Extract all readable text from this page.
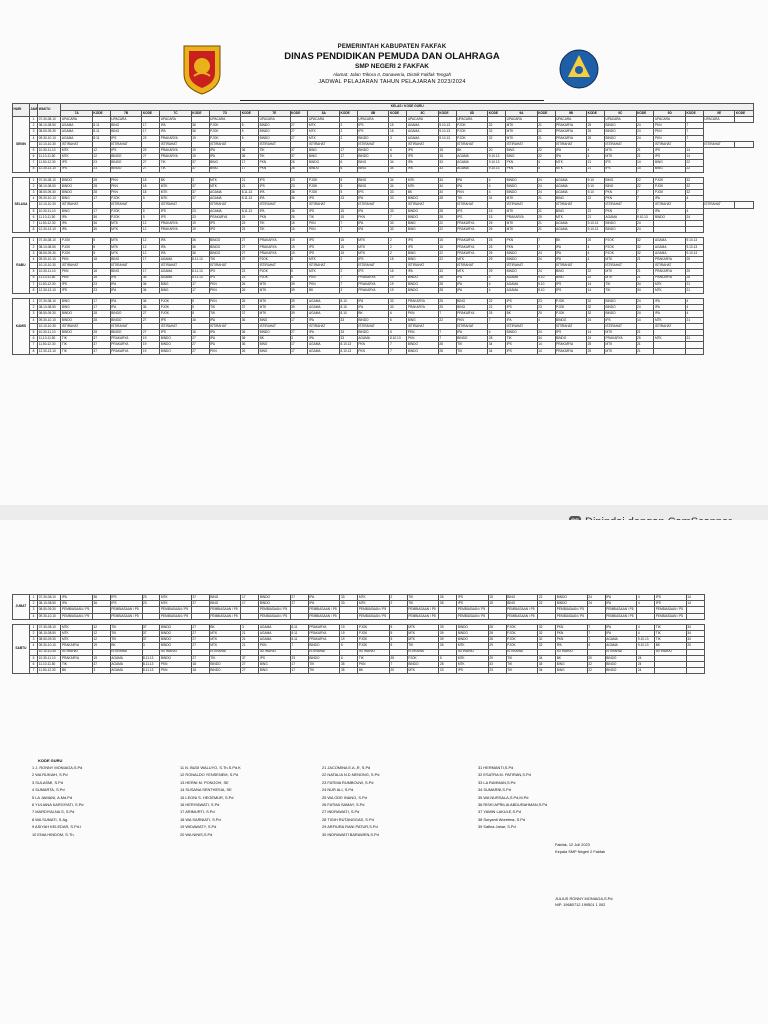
PEMERINTAH KABUPATEN FAKFAK
DINAS PENDIDIKAN PEMUDA DAN OLAHRAGA
SMP NEGERI 2 FAKFAK
Alamat: Jalan Trikora II, Danaweria, Distrik Fakfak Tengah
JADWAL PELAJARAN TAHUN PELAJARAN 2023/2024
HARI	JAM	WAKTU	KELAS / KODE GURU																											
			7A	KODE	7B	KODE	7C	KODE	7D	KODE	7E	KODE	8A	KODE	8B	KODE	8C	KODE	8D	KODE	9A	KODE	9B	KODE	9C	KODE	9D	KODE	9E	KODE
SENIN	1	07.30-08.10	UPACARA		UPACARA		UPACARA		UPACARA		UPACARA		UPACARA		UPACARA		UPACARA		UPACARA		UPACARA		UPACARA		UPACARA		UPACARA		UPACARA	
	2	08.10-08.50	AGAMA	8.11	BING	17	IPA	36	PJOK	5	BINDO	27	MTK	2	IPS	15	AGAMA	9.10.13	PJOK	32	MTK	21	PRAKARYA	25	BINDO	24	PKN	7		
	3	08.50-09.30	AGAMA	8.11	BING	17	IPA	36	PJOK	5	BINDO	27	MTK	2	IPS	15	AGAMA	9.10.13	PJOK	32	MTK	21	PRAKARYA	25	BINDO	24	PKN	7		
	4	09.30-10.10	AGAMA	8.11	IPS	23	PRAKARYA	19	PJOK	5	BINDO	27	MTK	2	BINDO	3	AGAMA	9.10.13	PJOK	32	MTK	21	PRAKARYA	25	BINDO	24	PKN	7		
		10.10-10.30	ISTIRAHAT		ISTIRAHAT		ISTIRAHAT		ISTIRAHAT		ISTIRAHAT		ISTIRAHAT		ISTIRAHAT		ISTIRAHAT		ISTIRAHAT		ISTIRAHAT		ISTIRAHAT		ISTIRAHAT		ISTIRAHAT		ISTIRAHAT	
	5	10.30-11.10	MTK	12	IPS	23	PRAKARYA	19	IPA	36	TIK	37	BING	17	BINDO	6	IPS	15	BK	20	BING	22	IPA	4	MTK	21	IPS	14		
	6	11.10-11.50	MTK	12	BINDO	27	PRAKARYA	19	IPA	36	TIK	37	BING	17	BINDO	6	IPS	15	AGAMA	9.10.13	BING	22	IPA	4	MTK	21	IPS	14		
	7	11.50-12.30	IPS	23	BINDO	27	TIK	37	BING	17	PKN	26	BINDO	6	BING	34	IPA	33	AGAMA	9.10.13	PKN	4	MTK	21	IPS	14	BING	22		
	8	12.30-13.10	IPS	23	BINDO	27	TIK	37	BING	17	PKN	26	BINDO	6	BING	34	IPA	33	AGAMA	9.10.13	PKN	4	MTK	21	IPS	14	BING	22		

SELASA	1	07.30-08.10	BINDO	28	PKN	18	BK	3	MTK	21	IPS	23	PJOK	5	BING	34	MTK	34	IPA	4	BINDO	24	AGAMA	9.10	BING	22	PJOK	32		
	2	08.10-08.50	BINDO	28	PKN	18	MTK	37	MTK	21	IPS	23	PJOK	5	BING	34	MTK	34	IPA	4	BINDO	24	AGAMA	9.10	BING	22	PJOK	32		
	3	08.50-09.30	BINDO	28	PKN	18	MTK	37	AGAMA	8.11.13	IPA	36	PJOK	5	IPS	33	BK	34	PKN	4	BINDO	24	AGAMA	9.10	PKN	7	PJOK	32		
	4	09.30-10.10	BING	17	PJOK	5	MTK	37	AGAMA	8.11.13	IPA	36	IPS	23	IPA	33	BINDO	28	TIK	31	MTK	21	BING	22	PKN	7	IPA	4		
		10.10-10.30	ISTIRAHAT		ISTIRAHAT		ISTIRAHAT		ISTIRAHAT		ISTIRAHAT		ISTIRAHAT		ISTIRAHAT		ISTIRAHAT		ISTIRAHAT		ISTIRAHAT		ISTIRAHAT		ISTIRAHAT		ISTIRAHAT		ISTIRAHAT	
	5	10.30-11.10	BING	17	PJOK	5	IPS	23	AGAMA	8.11.13	IPA	36	IPS	15	IPA	33	BINDO	28	IPS	15	MTK	21	BING	22	PKN	7	IPA	4		
	6	11.10-11.50	IPA	36	PJOK	5	IPS	23	PRAKARYA	19	PKN	26	TIK	15	PKN	7	BINDO	28	IPS	15	PRAKARYA	25	MTK	21	AGAMA	9.10.13	BINDO	24		
	7	11.50-12.30	IPA	36	MTK	12	PRAKARYA	19	IPS	23	TIK	15	PKN	7	IPA	33	BING	22	PRAKARYA	25	MTK	21	AGAMA	9.10.13	BINDO	24				
	8	12.30-13.10	IPA	36	MTK	12	PRAKARYA	19	IPS	23	TIK	15	PKN	7	IPA	33	BING	22	PRAKARYA	25	MTK	21	AGAMA	9.10.13	BINDO	24				

RABU	1	07.30-08.10	PJOK	5	MTK	12	IPA	36	BINDO	27	PRAKARYA	19	IPS	15	MTK	2	IPS	15	PRAKARYA	25	PKN	7	BK	20	PJOK	32	AGAMA	9.10.13		
	2	08.10-08.50	PJOK	5	MTK	12	IPA	36	BINDO	27	PRAKARYA	19	IPS	15	MTK	2	IPS	15	PRAKARYA	25	PKN	7	IPA	4	PJOK	32	AGAMA	9.10.13		
	3	08.50-09.30	PJOK	5	MTK	12	IPA	36	BINDO	27	PRAKARYA	19	IPS	15	MTK	2	BING	22	PRAKARYA	25	BINDO	24	IPA	4	PJOK	32	AGAMA	9.10.13		
	4	09.30-10.10	PKN	18	BING	17	AGAMA	8.11.13	TIK	37	PJOK	5	MTK	2	IPS	15	BING	22	MTK	29	BINDO	24	IPA	4	MTK	21	PRAKARYA	25		
		10.10-10.30	ISTIRAHAT		ISTIRAHAT		ISTIRAHAT		ISTIRAHAT		ISTIRAHAT		ISTIRAHAT		ISTIRAHAT		ISTIRAHAT		ISTIRAHAT		ISTIRAHAT		ISTIRAHAT		ISTIRAHAT		ISTIRAHAT			
	5	10.30-11.10	PKN	18	BING	17	AGAMA	8.11.13	IPS	23	PJOK	5	MTK	2	IPS	15	IPA	33	MTK	29	BINDO	24	BING	22	MTK	21	PRAKARYA	25		
	6	11.10-11.50	PKN	18	IPA	36	AGAMA	8.11.13	IPS	23	PJOK	5	PKN	7	PRAKARYA	19	BINDO	28	IPA	4	AGAMA	9.10	BING	22	MTK	21	PRAKARYA	25		
	7	11.50-12.30	IPS	23	IPA	36	BING	17	PKN	26	MTK	39	PKN	7	PRAKARYA	19	BINDO	28	IPA	4	AGAMA	9.10	IPS	14	TIK	34	MTK	21		
	8	12.30-13.10	IPS	23	IPA	36	BING	17	PKN	26	MTK	39	BK	3	PRAKARYA	19	BINDO	28	IPA	4	AGAMA	9.10	IPS	14	TIK	34	MTK	21		

KAMIS	1	07.30-08.10	BING	17	IPA	36	PJOK	5	PKN	26	MTK	39	AGAMA	8.10	IPA	33	PRAKARYA	25	BING	22	IPS	23	PJOK	32	BINDO	24	IPA	4		
	2	08.10-08.50	BING	17	IPA	36	PJOK	5	TIK	37	MTK	39	AGAMA	8.10	IPA	33	PRAKARYA	25	BING	22	IPS	23	PJOK	32	BINDO	24	IPA	4		
	3	08.50-09.30	BINDO	28	BINDO	27	PJOK	5	TIK	37	MTK	39	AGAMA	8.10	BK	6	PKN	7	PRAKARYA	25	BK	20	PJOK	32	BINDO	24	IPA	4		
	4	09.30-10.10	BINDO	28	BINDO	27	IPS	16	IPA	36	BING	17	IPA	33	BINDO	6	BING	22	PKN	7	IPA	4	BINDO	24	IPS	14	MTK	21		
		10.10-10.30	ISTIRAHAT		ISTIRAHAT		ISTIRAHAT		ISTIRAHAT		ISTIRAHAT		ISTIRAHAT		ISTIRAHAT		ISTIRAHAT		ISTIRAHAT		ISTIRAHAT		ISTIRAHAT		ISTIRAHAT		ISTIRAHAT			
	5	10.30-11.10	BINDO	28	BINDO	27	IPS	16	IPA	36	BINDO	27	IPA	33	BINDO	6	PKN	7	IPA	4	BINDO	24	IPS	14	MTK	21				
	6	11.10-11.50	TIK	37	PRAKARYA	19	BINDO	27	IPA	36	BK	3	IPA	33	AGAMA	8.10.13	PKN	7	BINDO	28	TIK	34	BINDO	24	PRAKARYA	25	MTK	21		
	7	11.50-12.30	TIK	37	PRAKARYA	19	BINDO	27	IPA	36	BING	17	AGAMA	8.10.13	PKN	7	BINDO	28	TIK	34	IPS	14	PRAKARYA	25	MTK	21				
	8	12.30-13.10	TIK	37	PRAKARYA	19	BINDO	27	PKN	26	BING	17	AGAMA	8.10.13	PKN	7	BINDO	28	TIK	34	IPS	14	PRAKARYA	25	MTK	21				
JUMAT	1	07.30-08.10	IPA	36	IPS	23	MTK	37	BING	17	BINDO	27	IPA	33	MTK	2	TIK	35	IPS	15	BING	22	BINDO	24	IPA	4	IPS	14
	2	08.10-08.50	IPA	36	IPS	23	MTK	37	BING	17	BINDO	27	IPA	33	MTK	2	TIK	35	IPS	15	BING	22	BINDO	24	IPA	4	IPS	14
	3	08.50-09.30	PEMBIASAAN / P5		PEMBIASAAN / P5		PEMBIASAAN / P5		PEMBIASAAN / P5		PEMBIASAAN / P5		PEMBIASAAN / P5		PEMBIASAAN / P5		PEMBIASAAN / P5		PEMBIASAAN / P5		PEMBIASAAN / P5		PEMBIASAAN / P5		PEMBIASAAN / P5		PEMBIASAAN / P5	
	4	09.30-10.10	PEMBIASAAN / P5		PEMBIASAAN / P5		PEMBIASAAN / P5		PEMBIASAAN / P5		PEMBIASAAN / P5		PEMBIASAAN / P5		PEMBIASAAN / P5		PEMBIASAAN / P5		PEMBIASAAN / P5		PEMBIASAAN / P5		PEMBIASAAN / P5		PEMBIASAAN / P5		PEMBIASAAN / P5	

SABTU	1	07.30-08.10	MTK	12	TIK	37	BINDO	27	BK	3	AGAMA	8.11	PRAKARYA	19	PJOK	5	MTK	39	BINDO	28	PJOK	32	PKN	7	IPA	4	TIK	34
	2	08.10-08.50	MTK	12	TIK	37	BINDO	27	MTK	21	AGAMA	8.11	PRAKARYA	19	PJOK	5	MTK	39	BINDO	28	PJOK	32	PKN	7	IPA	4	TIK	34
	3	08.50-09.30	MTK	12	TIK	37	BINDO	27	MTK	21	AGAMA	8.11	PRAKARYA	19	PJOK	5	MTK	39	BINDO	28	PJOK	32	PKN	7	AGAMA	9.10.13	TIK	34
	4	09.30-10.10	PRAKARYA	19	BK	3	BINDO	27	MTK	21	PKN	7	BINDO	6	PJOK	5	TIK	35	MTK	29	PJOK	32	IPA	4	AGAMA	9.10.13	BK	20
		10.10-10.30	ISTIRAHAT		ISTIRAHAT		ISTIRAHAT		ISTIRAHAT		ISTIRAHAT		ISTIRAHAT		ISTIRAHAT		ISTIRAHAT		ISTIRAHAT		ISTIRAHAT		ISTIRAHAT		ISTIRAHAT		ISTIRAHAT	
	5	10.30-11.10	PRAKARYA	19	AGAMA	8.11.13	BINDO	27	TIK	37	IPS	23	BINDO	6	TIK	35	PJOK	5	MTK	29	TIK	34	BK	20	BINDO	24		
	6	11.10-11.50	TIK	37	AGAMA	8.11.13	PKN	18	BINDO	27	BING	17	TIK	35	PKN	7	BINDO	28	MTK	33	TIK	34	BING	22	BINDO	24		
	7	11.50-12.30	BK	3	AGAMA	8.11.13	PKN	18	BINDO	27	BING	17	TIK	35	BK	20	MTK	33	IPS	23	TIK	34	BING	22	BINDO	24		
KODE GURU
1 J. RONNY MONIAGA,S.Pd
2 WA RUKIAH, S.Pd
3 SULASMI, S.Pd
4 SUMARTA, S.Pd
5 LA JAMANI, A.Md.Pd
6 YULIANA KARGIYATI, S.Pd
7 MARDIYALNA S, S.Pd
8 WA SUMATI, S.Ag
9 ASIYAH KELEDAR, S.Pd.I
10 ENIA HINDOM, S.Th.
11 N. BUDI WALUYO, S.Th.S.Pd.K
12 RONALDO YENSENEM, S.Pd
13 HERNI M. PONGOH, SE
14 SUSANA SENTHESIA, SE
15 LEONI S. HEGEMUR, S.Pd
16 HERIYAWATI, S.Pd
17 ARIMURTI, S.Pd
18 WA SARNIATI, S.Pd
19 WIDAWATY, S.Pd
20 WA NINIS,S.Pd
21 JACOMINA E.A.,R, S.Pd
22 NATALIA N.D.NENONG, S.Pd
23 FATIMA RUMBOUW, S.Pd
24 NUR ALI, S.Pd
25 WA ODE INANG, S.Pd
26 FATMA SAMAY, S.Pd
27 INDRAWATI, S.Pd
28 TIGIH RUTANGGAS, S.Pd
29 ARFIURA RANI PATUR,S.Pd
30 INDRAWATI BARAWEN,S.Pd
31 HERMANTI,S.Pd
32 ESATRA M. PATIRAN,S.Pd
33 LA RAHMAN,S.Pd
34 SUMARNI,S.Pd
35 WA NURSALA,S.Pd,M.Pd
36 RISKI APRILIA ABDURAHMAN,S.Pd
37 YAMIN LAKULE,S.Pd
38 Suryanti Woretma, S.Pd
39 Safina Jahar, S.Pd
Fakfak, 12 Juli 2023
Kepala SMP Negeri 2 Fakfak
JULIUS RONNY MONIAGA,S.Pd.
NIP. 19680712 199501 1 002
